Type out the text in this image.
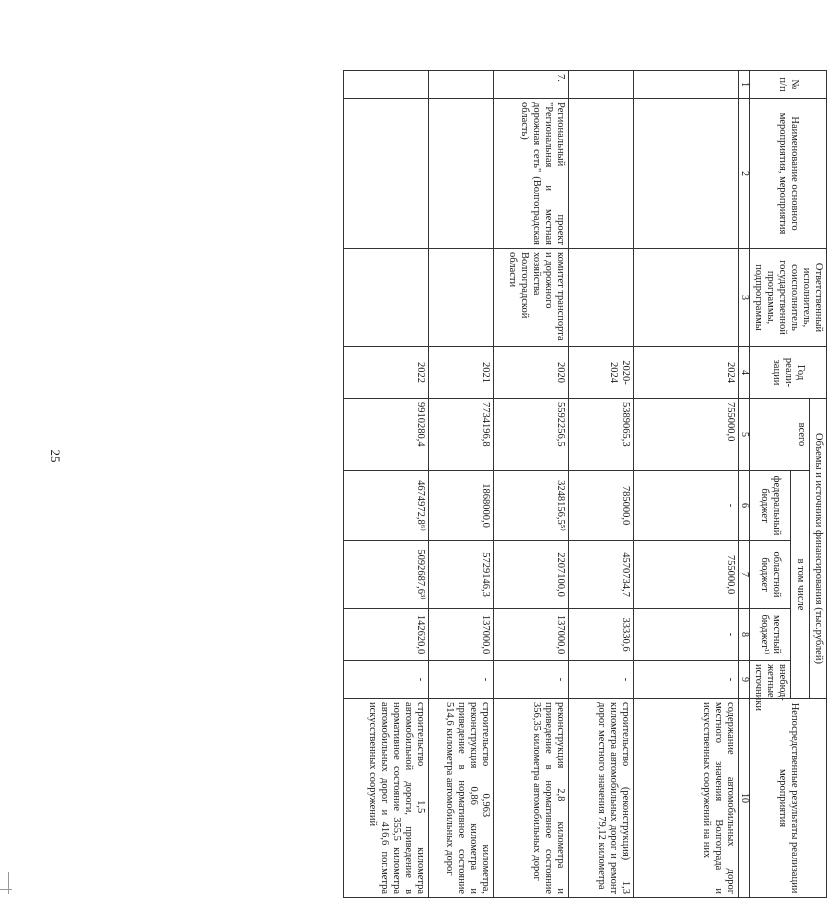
25
№ п/п	Наименование основного мероприятия, мероприятия	Ответственный исполнитель, соисполнитель государственной программы, подпрограммы	Год реали-зации	Объемы и источники финансирования (тыс.рублей)					Непосредственные результаты реализации мероприятия
				всего	в том числе				
					федеральный бюджет	областной бюджет	местный бюджет¹⁾	внебюд-жетные источники	
1	2	3	4	5	6	7	8	9	10
			2024	755000,0	-	755000,0	-	-	содержание автомобильных дорог местного значения Волгограда и искусственных сооружений на них
			2020-2024	5389065,3	785000,0	4570734,7	33330,6	-	строительство (реконструкция) 1,3 километра автомобильных дорог и ремонт дорог местного значения 79,12 километра
7.	Региональный проект "Региональная и местная дорожная сеть" (Волгоградская область)	комитет транспорта и дорожного хозяйства Волгоградской области	2020	5592256,5	3248156,5⁵⁾	2207100,0	137000,0	-	реконструкция 2,8 километра и приведение в нормативное состояние 356,35 километра автомобильных дорог
			2021	7734196,8	1868000,0	5729146,3	137000,0	-	строительство 0,963 километра, реконструкция 0,86 километра и приведение в нормативное состояние 514,6 километра автомобильных дорог
			2022	9910280,4	4674972,8⁶⁾	5092687,6³⁾	142620,0	-	строительство 1,5 километра автомобильной дороги, приведение в нормативное состояние 355,5 километра автомобильных дорог и 416,6 пог.метра искусственных сооружений
